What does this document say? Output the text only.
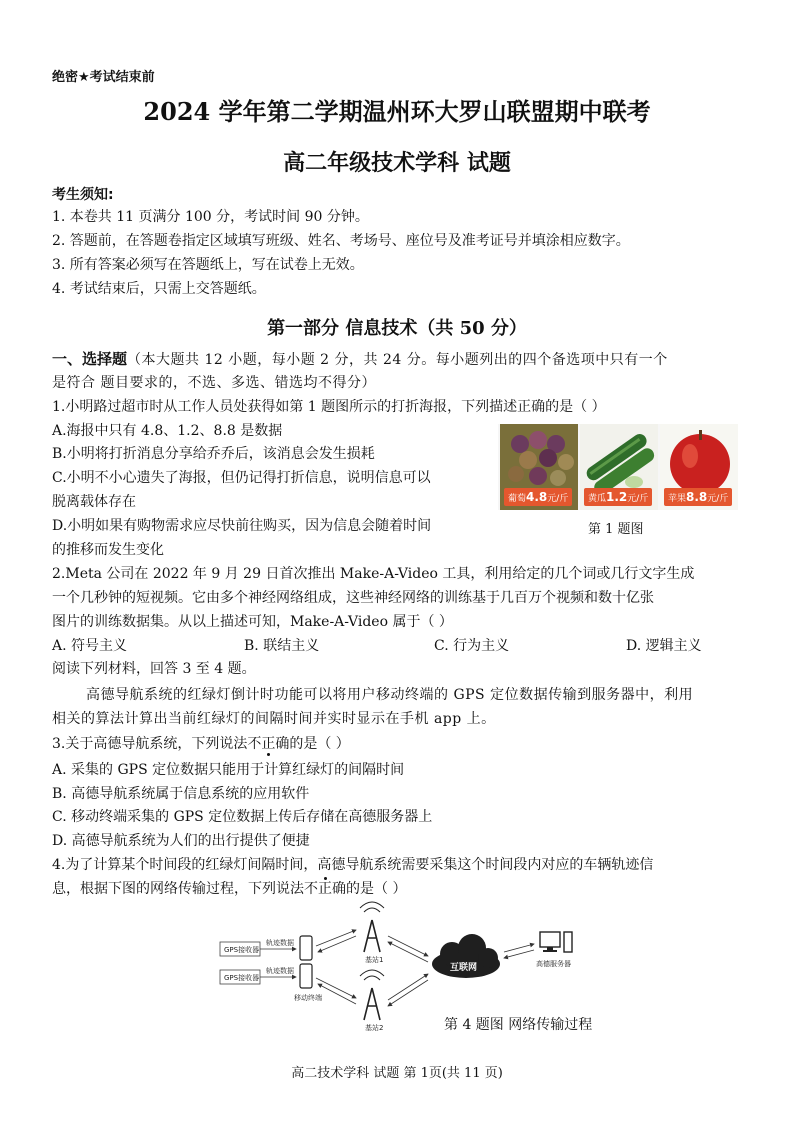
绝密★考试结束前
2024 学年第二学期温州环大罗山联盟期中联考
高二年级技术学科 试题
考生须知:
1. 本卷共 11 页满分 100 分，考试时间 90 分钟。
2. 答题前，在答题卷指定区域填写班级、姓名、考场号、座位号及准考证号并填涂相应数字。
3. 所有答案必须写在答题纸上，写在试卷上无效。
4. 考试结束后，只需上交答题纸。
第一部分 信息技术（共 50 分）
一、选择题（本大题共 12 小题，每小题 2 分，共 24 分。每小题列出的四个备选项中只有一个
是符合 题目要求的，不选、多选、错选均不得分）
1.小明路过超市时从工作人员处获得如第 1 题图所示的打折海报，下列描述正确的是（ ）
A.海报中只有 4.8、1.2、8.8 是数据
B.小明将打折消息分享给乔乔后，该消息会发生损耗
C.小明不小心遗失了海报，但仍记得打折信息，说明信息可以
脱离载体存在
D.小明如果有购物需求应尽快前往购买，因为信息会随着时间
的推移而发生变化
葡萄4.8元/斤	黄瓜1.2元/斤	苹果8.8元/斤
第 1 题图
2.Meta 公司在 2022 年 9 月 29 日首次推出 Make-A-Video 工具，利用给定的几个词或几行文字生成
一个几秒钟的短视频。它由多个神经网络组成，这些神经网络的训练基于几百万个视频和数十亿张
图片的训练数据集。从以上描述可知，Make-A-Video 属于（ ）
A. 符号主义	B. 联结主义	C. 行为主义	D. 逻辑主义
阅读下列材料，回答 3 至 4 题。
高德导航系统的红绿灯倒计时功能可以将用户移动终端的 GPS 定位数据传输到服务器中，利用
相关的算法计算出当前红绿灯的间隔时间并实时显示在手机 app 上。
3.关于高德导航系统，下列说法不正确的是（ ）
A. 采集的 GPS 定位数据只能用于计算红绿灯的间隔时间
B. 高德导航系统属于信息系统的应用软件
C. 移动终端采集的 GPS 定位数据上传后存储在高德服务器上
D. 高德导航系统为人们的出行提供了便捷
4.为了计算某个时间段的红绿灯间隔时间，高德导航系统需要采集这个时间段内对应的车辆轨迹信
息，根据下图的网络传输过程，下列说法不正确的是（ ）
GPS接收器
GPS接收器
轨迹数据
轨迹数据
移动终端
基站1
基站2
互联网	高德服务器
第 4 题图 网络传输过程
高二技术学科 试题 第 1页(共 11 页)
